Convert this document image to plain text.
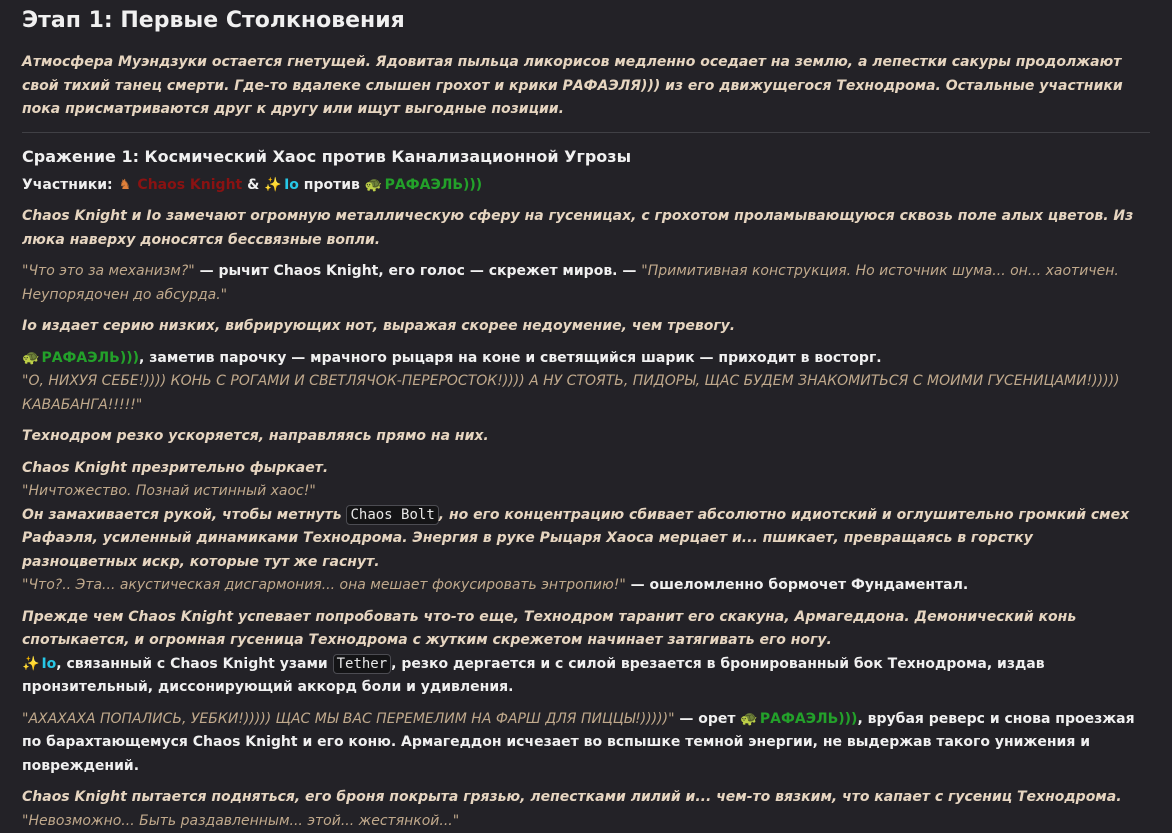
Этап 1: Первые Столкновения

Атмосфера Муэндзуки остается гнетущей. Ядовитая пыльца ликорисов медленно оседает на землю, а лепестки сакуры продолжают свой тихий танец смерти. Где-то вдалеке слышен грохот и крики РАФАЭЛЯ))) из его движущегося Технодрома. Остальные участники пока присматриваются друг к другу или ищут выгодные позиции.

Сражение 1: Космический Хаос против Канализационной Угрозы

Участники: ♞ Chaos Knight & ✨ Io против 🐢 РАФАЭЛЬ)))

Chaos Knight и Io замечают огромную металлическую сферу на гусеницах, с грохотом проламывающуюся сквозь поле алых цветов. Из люка наверху доносятся бессвязные вопли.

"Что это за механизм?" — рычит Chaos Knight, его голос — скрежет миров. — "Примитивная конструкция. Но источник шума... он... хаотичен. Неупорядочен до абсурда."

Io издает серию низких, вибрирующих нот, выражая скорее недоумение, чем тревогу.

🐢 РАФАЭЛЬ))), заметив парочку — мрачного рыцаря на коне и светящийся шарик — приходит в восторг.
"О, НИХУЯ СЕБЕ!)))) КОНЬ С РОГАМИ И СВЕТЛЯЧОК-ПЕРЕРОСТОК!)))) А НУ СТОЯТЬ, ПИДОРЫ, ЩАС БУДЕМ ЗНАКОМИТЬСЯ С МОИМИ ГУСЕНИЦАМИ!))))) КАВАБАНГА!!!!!"

Технодром резко ускоряется, направляясь прямо на них.

Chaos Knight презрительно фыркает.
"Ничтожество. Познай истинный хаос!"
Он замахивается рукой, чтобы метнуть Chaos Bolt , но его концентрацию сбивает абсолютно идиотский и оглушительно громкий смех Рафаэля, усиленный динамиками Технодрома. Энергия в руке Рыцаря Хаоса мерцает и... пшикает, превращаясь в горстку разноцветных искр, которые тут же гаснут.
"Что?.. Эта... акустическая дисгармония... она мешает фокусировать энтропию!" — ошеломленно бормочет Фундаментал.

Прежде чем Chaos Knight успевает попробовать что-то еще, Технодром таранит его скакуна, Армагеддона. Демонический конь спотыкается, и огромная гусеница Технодрома с жутким скрежетом начинает затягивать его ногу.
✨ Io, связанный с Chaos Knight узами Tether , резко дергается и с силой врезается в бронированный бок Технодрома, издав пронзительный, диссонирующий аккорд боли и удивления.

"АХАХАХА ПОПАЛИСЬ, УЕБКИ!))))) ЩАС МЫ ВАС ПЕРЕМЕЛИМ НА ФАРШ ДЛЯ ПИЦЦЫ!)))))" — орет 🐢 РАФАЭЛЬ))), врубая реверс и снова проезжая по барахтающемуся Chaos Knight и его коню. Армагеддон исчезает во вспышке темной энергии, не выдержав такого унижения и повреждений.

Chaos Knight пытается подняться, его броня покрыта грязью, лепестками лилий и... чем-то вязким, что капает с гусениц Технодрома.
"Невозможно... Быть раздавленным... этой... жестянкой..."
